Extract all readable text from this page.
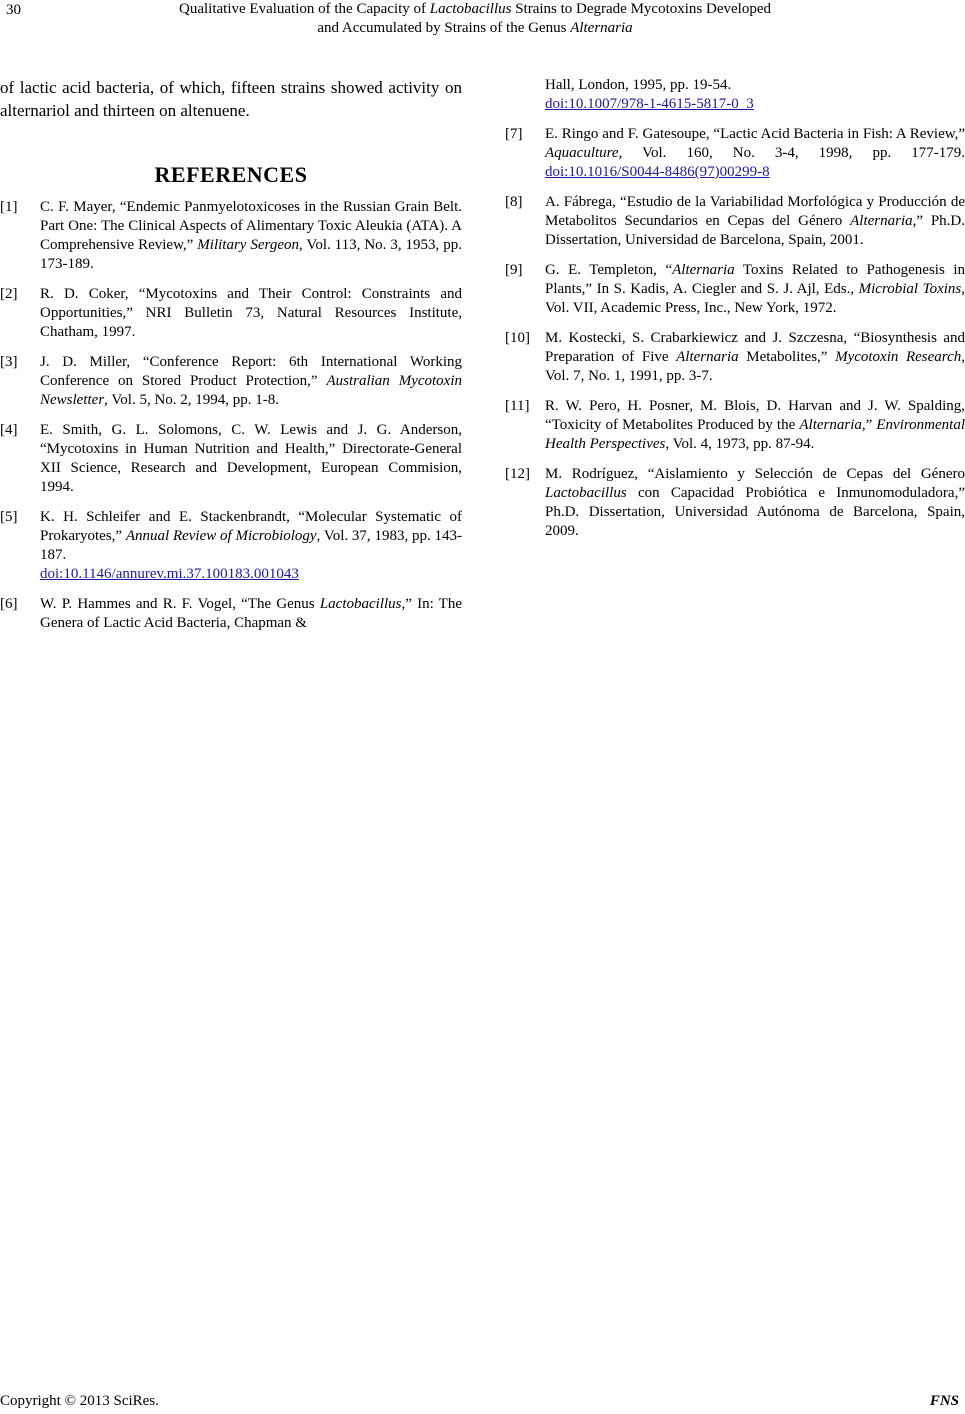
30	Qualitative Evaluation of the Capacity of Lactobacillus Strains to Degrade Mycotoxins Developed
and Accumulated by Strains of the Genus Alternaria

of lactic acid bacteria, of which, fifteen strains showed activity on alternariol and thirteen on altenuene.

REFERENCES
[1]	C. F. Mayer, “Endemic Panmyelotoxicoses in the Russian Grain Belt. Part One: The Clinical Aspects of Alimentary Toxic Aleukia (ATA). A Comprehensive Review,” Military Sergeon, Vol. 113, No. 3, 1953, pp. 173-189.
[2]	R. D. Coker, “Mycotoxins and Their Control: Constraints and Opportunities,” NRI Bulletin 73, Natural Resources Institute, Chatham, 1997.
[3]	J. D. Miller, “Conference Report: 6th International Working Conference on Stored Product Protection,” Australian Mycotoxin Newsletter, Vol. 5, No. 2, 1994, pp. 1-8.
[4]	E. Smith, G. L. Solomons, C. W. Lewis and J. G. Anderson, “Mycotoxins in Human Nutrition and Health,” Directorate-General XII Science, Research and Development, European Commision, 1994.
[5]	K. H. Schleifer and E. Stackenbrandt, “Molecular Systematic of Prokaryotes,” Annual Review of Microbiology, Vol. 37, 1983, pp. 143-187.
doi:10.1146/annurev.mi.37.100183.001043
[6]	W. P. Hammes and R. F. Vogel, “The Genus Lactobacillus,” In: The Genera of Lactic Acid Bacteria, Chapman &
Hall, London, 1995, pp. 19-54.
doi:10.1007/978-1-4615-5817-0_3
[7]	E. Ringo and F. Gatesoupe, “Lactic Acid Bacteria in Fish: A Review,” Aquaculture, Vol. 160, No. 3-4, 1998, pp. 177-179. doi:10.1016/S0044-8486(97)00299-8
[8]	A. Fábrega, “Estudio de la Variabilidad Morfológica y Producción de Metabolitos Secundarios en Cepas del Género Alternaria,” Ph.D. Dissertation, Universidad de Barcelona, Spain, 2001.
[9]	G. E. Templeton, “Alternaria Toxins Related to Pathogenesis in Plants,” In S. Kadis, A. Ciegler and S. J. Ajl, Eds., Microbial Toxins, Vol. VII, Academic Press, Inc., New York, 1972.
[10]	M. Kostecki, S. Crabarkiewicz and J. Szczesna, “Biosynthesis and Preparation of Five Alternaria Metabolites,” Mycotoxin Research, Vol. 7, No. 1, 1991, pp. 3-7.
[11]	R. W. Pero, H. Posner, M. Blois, D. Harvan and J. W. Spalding, “Toxicity of Metabolites Produced by the Alternaria,” Environmental Health Perspectives, Vol. 4, 1973, pp. 87-94.
[12]	M. Rodríguez, “Aislamiento y Selección de Cepas del Género Lactobacillus con Capacidad Probiótica e Inmunomoduladora,” Ph.D. Dissertation, Universidad Autónoma de Barcelona, Spain, 2009.
Copyright © 2013 SciRes.	FNS
